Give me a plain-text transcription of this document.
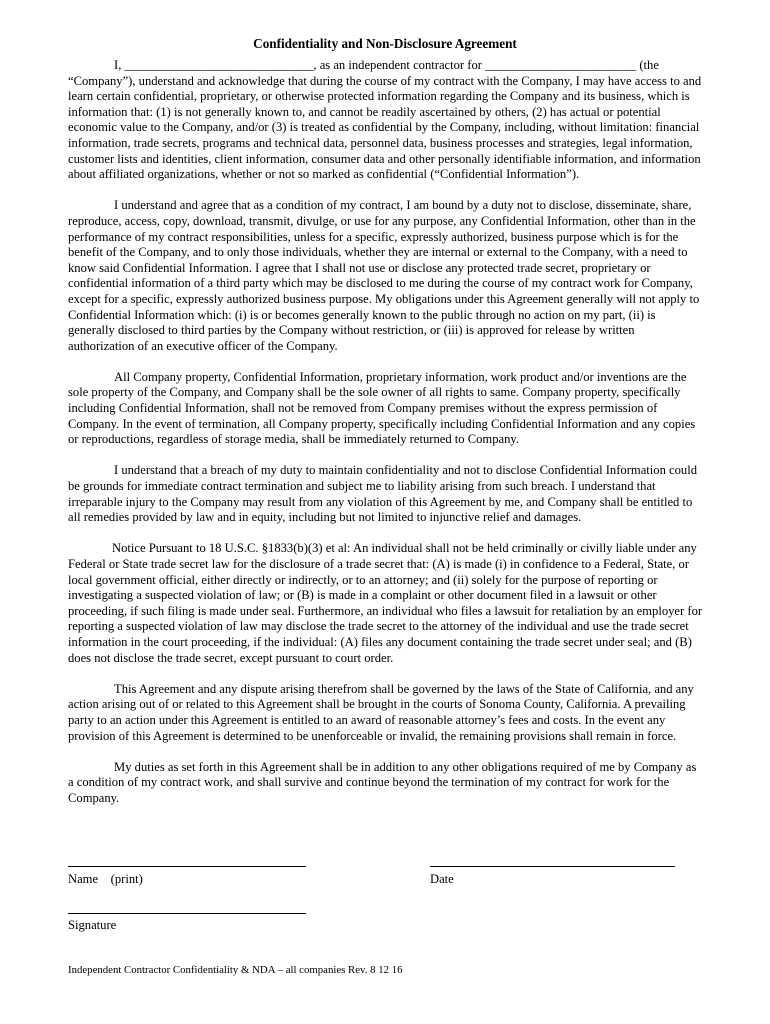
Confidentiality and Non-Disclosure Agreement

I, ______________________________, as an independent contractor for ________________________ (the “Company”), understand and acknowledge that during the course of my contract with the Company, I may have access to and learn certain confidential, proprietary, or otherwise protected information regarding the Company and its business, which is information that: (1) is not generally known to, and cannot be readily ascertained by others, (2) has actual or potential economic value to the Company, and/or (3) is treated as confidential by the Company, including, without limitation: financial information, trade secrets, programs and technical data, personnel data, business processes and strategies, legal information, customer lists and identities, client information, consumer data and other personally identifiable information, and information about affiliated organizations, whether or not so marked as confidential (“Confidential Information”).

I understand and agree that as a condition of my contract, I am bound by a duty not to disclose, disseminate, share, reproduce, access, copy, download, transmit, divulge, or use for any purpose, any Confidential Information, other than in the performance of my contract responsibilities, unless for a specific, expressly authorized, business purpose which is for the benefit of the Company, and to only those individuals, whether they are internal or external to the Company, with a need to know said Confidential Information. I agree that I shall not use or disclose any protected trade secret, proprietary or confidential information of a third party which may be disclosed to me during the course of my contract work for Company, except for a specific, expressly authorized business purpose. My obligations under this Agreement generally will not apply to Confidential Information which: (i) is or becomes generally known to the public through no action on my part, (ii) is generally disclosed to third parties by the Company without restriction, or (iii) is approved for release by written authorization of an executive officer of the Company.

All Company property, Confidential Information, proprietary information, work product and/or inventions are the sole property of the Company, and Company shall be the sole owner of all rights to same. Company property, specifically including Confidential Information, shall not be removed from Company premises without the express permission of Company. In the event of termination, all Company property, specifically including Confidential Information and any copies or reproductions, regardless of storage media, shall be immediately returned to Company.

I understand that a breach of my duty to maintain confidentiality and not to disclose Confidential Information could be grounds for immediate contract termination and subject me to liability arising from such breach. I understand that irreparable injury to the Company may result from any violation of this Agreement by me, and Company shall be entitled to all remedies provided by law and in equity, including but not limited to injunctive relief and damages.

Notice Pursuant to 18 U.S.C. §1833(b)(3) et al: An individual shall not be held criminally or civilly liable under any Federal or State trade secret law for the disclosure of a trade secret that: (A) is made (i) in confidence to a Federal, State, or local government official, either directly or indirectly, or to an attorney; and (ii) solely for the purpose of reporting or investigating a suspected violation of law; or (B) is made in a complaint or other document filed in a lawsuit or other proceeding, if such filing is made under seal. Furthermore, an individual who files a lawsuit for retaliation by an employer for reporting a suspected violation of law may disclose the trade secret to the attorney of the individual and use the trade secret information in the court proceeding, if the individual: (A) files any document containing the trade secret under seal; and (B) does not disclose the trade secret, except pursuant to court order.

This Agreement and any dispute arising therefrom shall be governed by the laws of the State of California, and any action arising out of or related to this Agreement shall be brought in the courts of Sonoma County, California. A prevailing party to an action under this Agreement is entitled to an award of reasonable attorney’s fees and costs. In the event any provision of this Agreement is determined to be unenforceable or invalid, the remaining provisions shall remain in force.

My duties as set forth in this Agreement shall be in addition to any other obligations required of me by Company as a condition of my contract work, and shall survive and continue beyond the termination of my contract for work for the Company.

Name    (print)	Date
Signature
Independent Contractor Confidentiality & NDA – all companies Rev. 8 12 16
